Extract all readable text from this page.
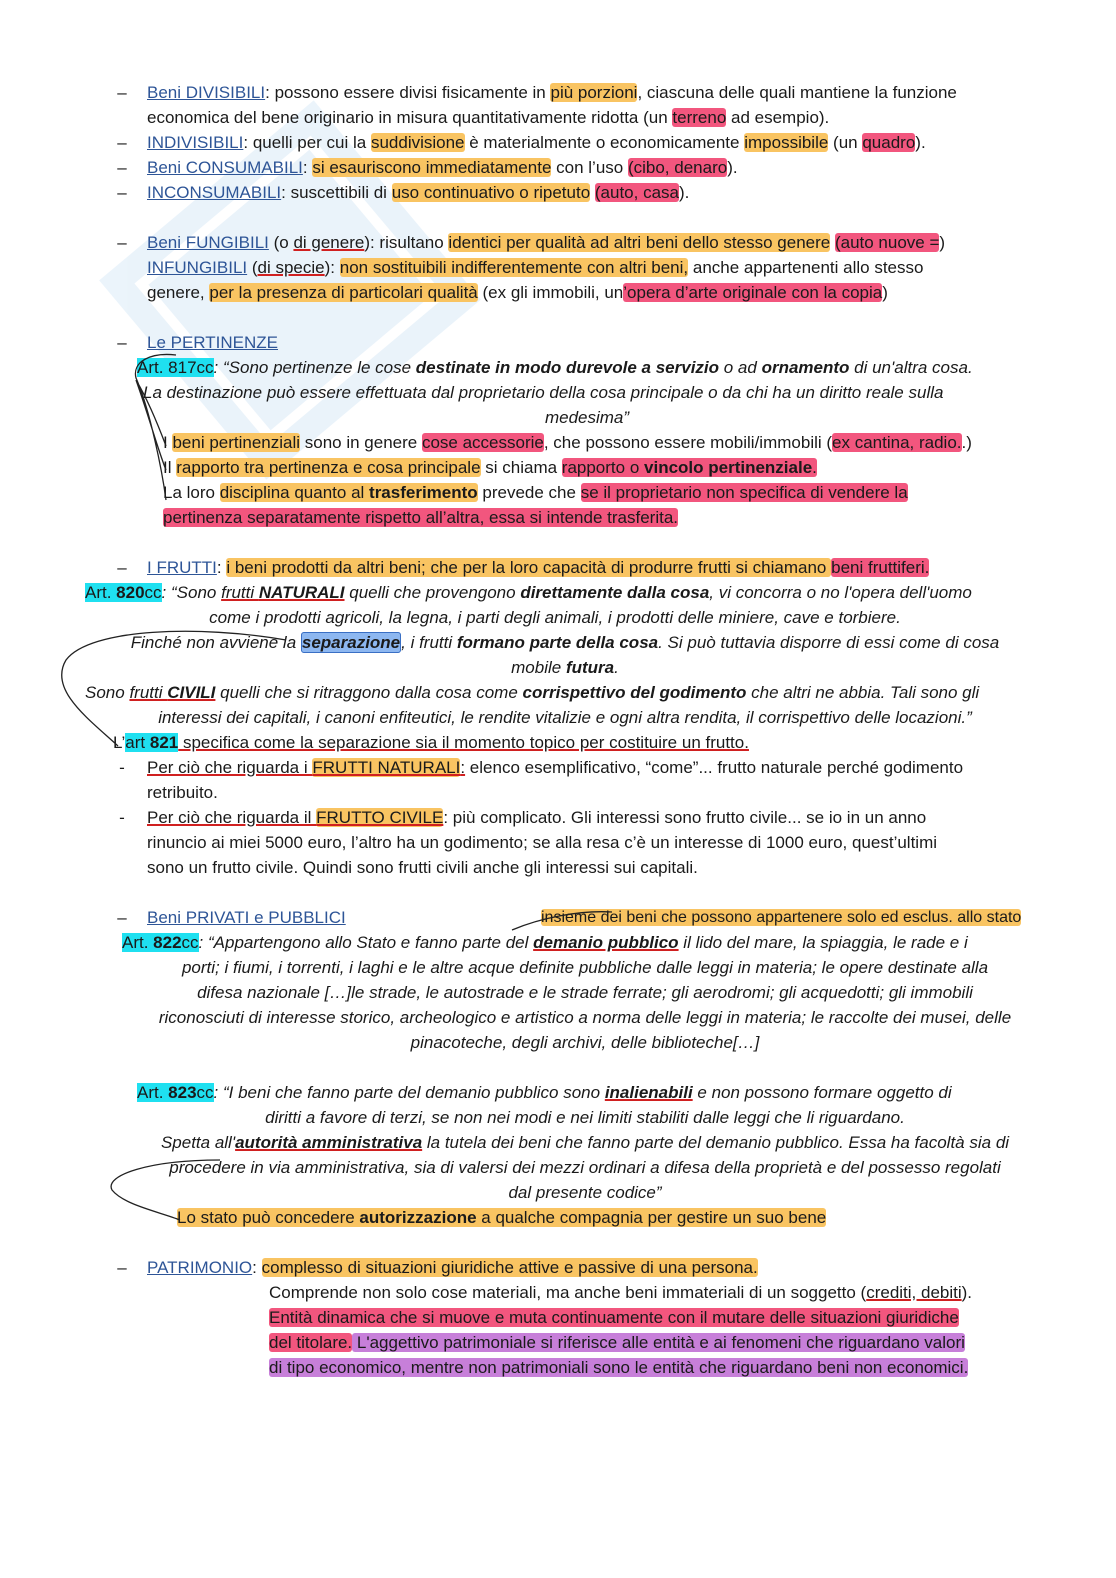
–	Beni DIVISIBILI: possono essere divisi fisicamente in più porzioni, ciascuna delle quali mantiene la funzione
economica del bene originario in misura quantitativamente ridotta (un terreno ad esempio).
–	INDIVISIBILI: quelli per cui la suddivisione è materialmente o economicamente impossibile (un quadro).
–	Beni CONSUMABILI: si esauriscono immediatamente con l’uso (cibo, denaro).
–	INCONSUMABILI: suscettibili di uso continuativo o ripetuto (auto, casa).
–	Beni FUNGIBILI (o di genere): risultano identici per qualità ad altri beni dello stesso genere (auto nuove =)
INFUNGIBILI (di specie): non sostituibili indifferentemente con altri beni, anche appartenenti allo stesso
genere, per la presenza di particolari qualità (ex gli immobili, un’opera d’arte originale con la copia)
–	Le PERTINENZE
Art. 817cc: “Sono pertinenze le cose destinate in modo durevole a servizio o ad ornamento di un'altra cosa.
La destinazione può essere effettuata dal proprietario della cosa principale o da chi ha un diritto reale sulla
medesima”
I beni pertinenziali sono in genere cose accessorie, che possono essere mobili/immobili (ex cantina, radio..)
Il rapporto tra pertinenza e cosa principale si chiama rapporto o vincolo pertinenziale.
La loro disciplina quanto al trasferimento prevede che se il proprietario non specifica di vendere la
pertinenza separatamente rispetto all’altra, essa si intende trasferita.
–	I FRUTTI: i beni prodotti da altri beni; che per la loro capacità di produrre frutti si chiamano beni fruttiferi.
Art. 820cc: “Sono frutti NATURALI quelli che provengono direttamente dalla cosa, vi concorra o no l'opera dell'uomo
come i prodotti agricoli, la legna, i parti degli animali, i prodotti delle miniere, cave e torbiere.
Finché non avviene la separazione, i frutti formano parte della cosa. Si può tuttavia disporre di essi come di cosa
mobile futura.
Sono frutti CIVILI quelli che si ritraggono dalla cosa come corrispettivo del godimento che altri ne abbia. Tali sono gli
interessi dei capitali, i canoni enfiteutici, le rendite vitalizie e ogni altra rendita, il corrispettivo delle locazioni.”
L’art 821 specifica come la separazione sia il momento topico per costituire un frutto.
-	Per ciò che riguarda i FRUTTI NATURALI: elenco esemplificativo, “come”... frutto naturale perché godimento
retribuito.
-	Per ciò che riguarda il FRUTTO CIVILE: più complicato. Gli interessi sono frutto civile... se io in un anno
rinuncio ai miei 5000 euro, l’altro ha un godimento; se alla resa c’è un interesse di 1000 euro, quest’ultimi
sono un frutto civile. Quindi sono frutti civili anche gli interessi sui capitali.
–	Beni PRIVATI e PUBBLICI	insieme dei beni che possono appartenere solo ed esclus. allo stato
Art. 822cc: “Appartengono allo Stato e fanno parte del demanio pubblico il lido del mare, la spiaggia, le rade e i
porti; i fiumi, i torrenti, i laghi e le altre acque definite pubbliche dalle leggi in materia; le opere destinate alla
difesa nazionale […]le strade, le autostrade e le strade ferrate; gli aerodromi; gli acquedotti; gli immobili
riconosciuti di interesse storico, archeologico e artistico a norma delle leggi in materia; le raccolte dei musei, delle
pinacoteche, degli archivi, delle biblioteche[…]
Art. 823cc: “I beni che fanno parte del demanio pubblico sono inalienabili e non possono formare oggetto di
diritti a favore di terzi, se non nei modi e nei limiti stabiliti dalle leggi che li riguardano.
Spetta all'autorità amministrativa la tutela dei beni che fanno parte del demanio pubblico. Essa ha facoltà sia di
procedere in via amministrativa, sia di valersi dei mezzi ordinari a difesa della proprietà e del possesso regolati
dal presente codice”
Lo stato può concedere autorizzazione a qualche compagnia per gestire un suo bene
–	PATRIMONIO: complesso di situazioni giuridiche attive e passive di una persona.
Comprende non solo cose materiali, ma anche beni immateriali di un soggetto (crediti, debiti).
Entità dinamica che si muove e muta continuamente con il mutare delle situazioni giuridiche
del titolare. L'aggettivo patrimoniale si riferisce alle entità e ai fenomeni che riguardano valori
di tipo economico, mentre non patrimoniali sono le entità che riguardano beni non economici.
